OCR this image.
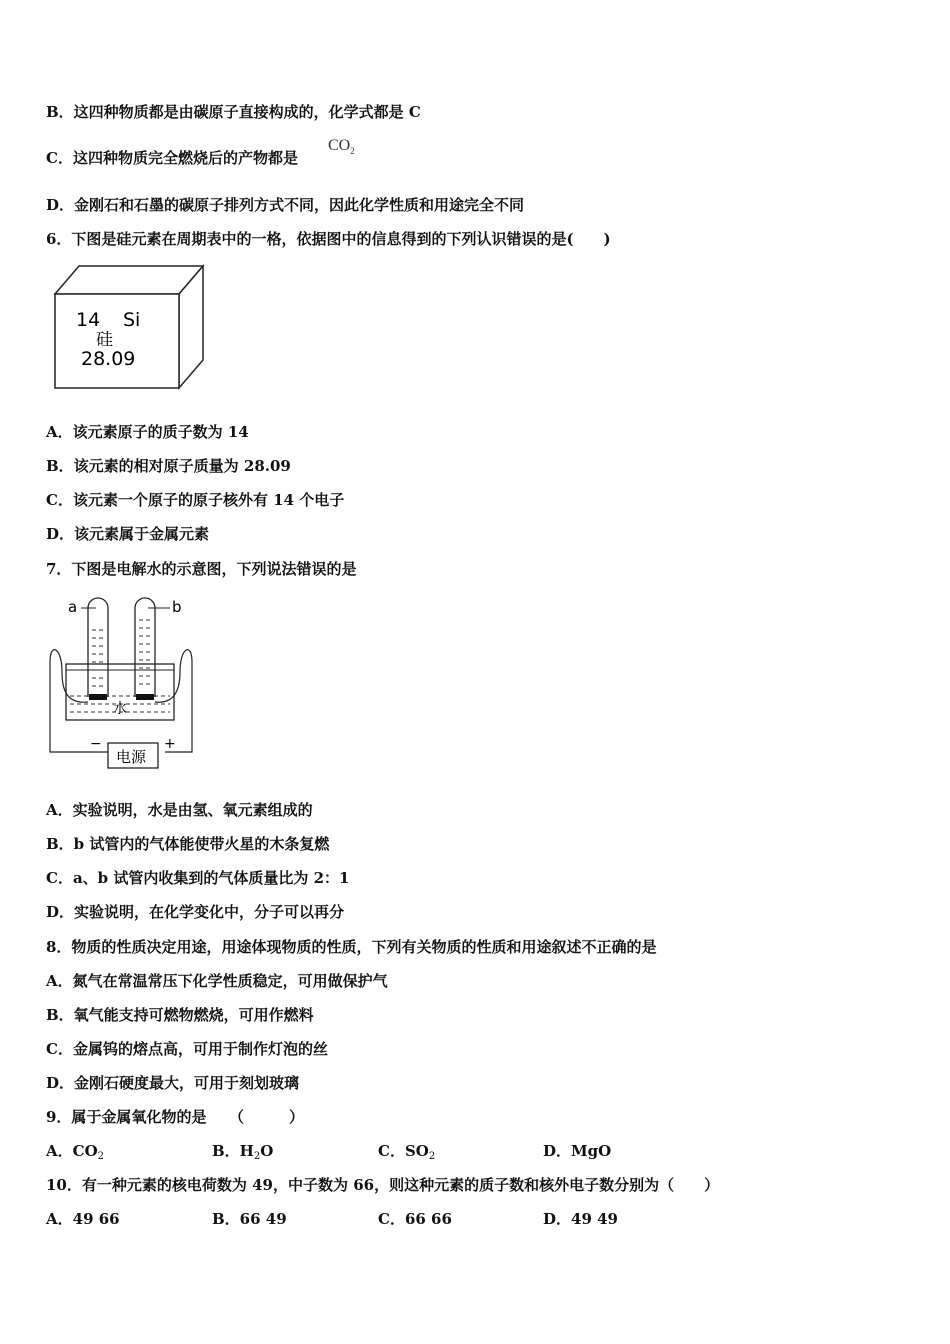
B．这四种物质都是由碳原子直接构成的，化学式都是 C
C．这四种物质完全燃烧后的产物都是
$CO_2$
D．金刚石和石墨的碳原子排列方式不同，因此化学性质和用途完全不同
6．下图是硅元素在周期表中的一格，依据图中的信息得到的下列认识错误的是(　　)
14 Si
硅
28.09
A．该元素原子的质子数为 14
B．该元素的相对原子质量为 28.09
C．该元素一个原子的原子核外有 14 个电子
D．该元素属于金属元素
7．下图是电解水的示意图，下列说法错误的是
a	b
水
电源
−	+
A．实验说明，水是由氢、氧元素组成的
B．b 试管内的气体能使带火星的木条复燃
C．a、b 试管内收集到的气体质量比为 2：1
D．实验说明，在化学变化中，分子可以再分
8．物质的性质决定用途，用途体现物质的性质，下列有关物质的性质和用途叙述不正确的是
A．氮气在常温常压下化学性质稳定，可用做保护气
B．氧气能支持可燃物燃烧，可用作燃料
C．金属钨的熔点高，可用于制作灯泡的丝
D．金刚石硬度最大，可用于刻划玻璃
9．属于金属氧化物的是　　（　　　）
A．$CO_2$	B．$H_2O$	C．$SO_2$	D．MgO
10．有一种元素的核电荷数为 49，中子数为 66，则这种元素的质子数和核外电子数分别为（　　）
A．49 66	B．66 49	C．66 66	D．49 49
